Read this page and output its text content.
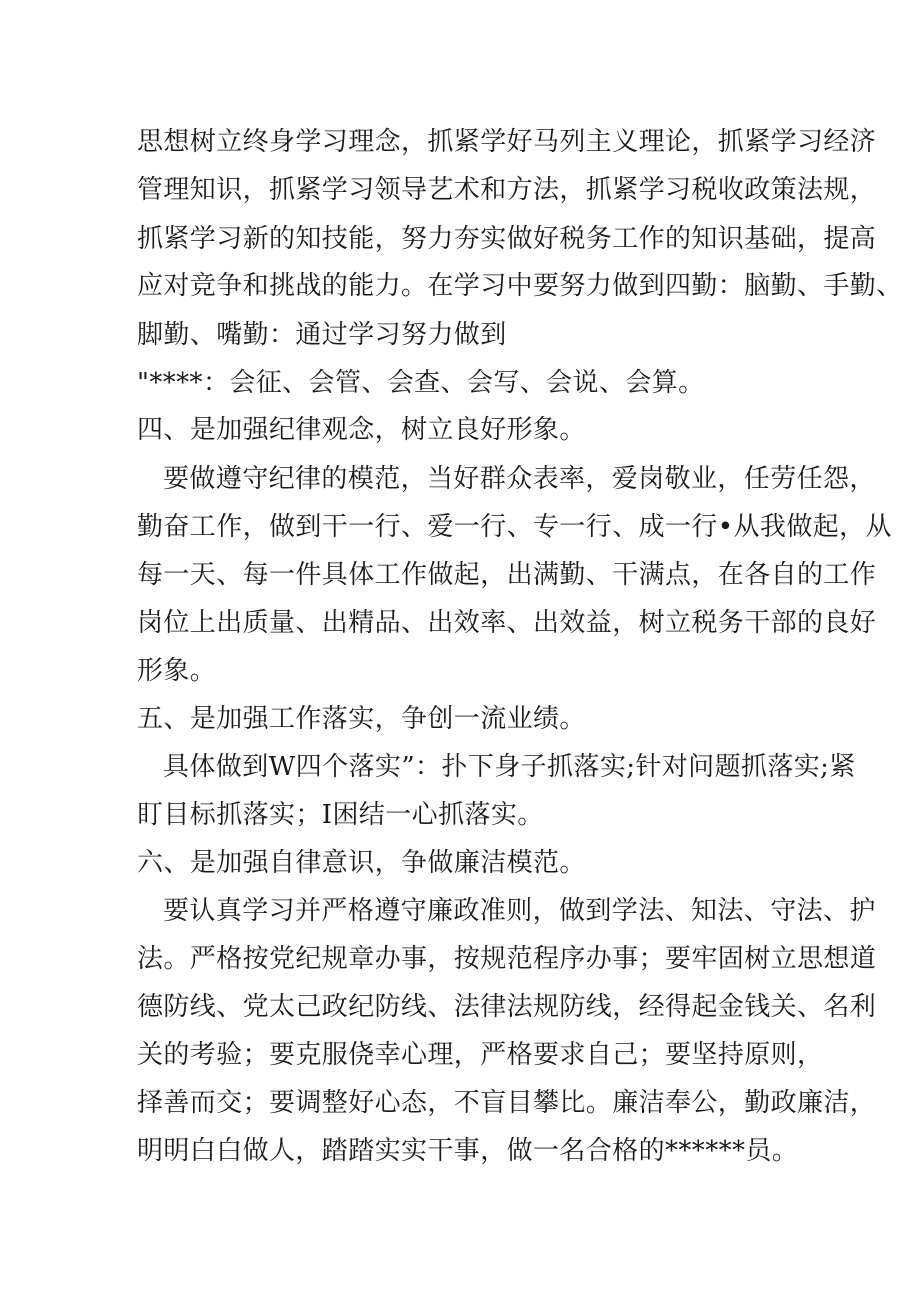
思想树立终身学习理念，抓紧学好马列主义理论，抓紧学习经济
管理知识，抓紧学习领导艺术和方法，抓紧学习税收政策法规，
抓紧学习新的知技能，努力夯实做好税务工作的知识基础，提高
应对竞争和挑战的能力。在学习中要努力做到四勤：脑勤、手勤、
脚勤、嘴勤：通过学习努力做到
"****：会征、会管、会查、会写、会说、会算。
四、是加强纪律观念，树立良好形象。
要做遵守纪律的模范，当好群众表率，爱岗敬业，任劳任怨，
勤奋工作，做到干一行、爱一行、专一行、成一行•从我做起，从
每一天、每一件具体工作做起，出满勤、干满点，在各自的工作
岗位上出质量、出精品、出效率、出效益，树立税务干部的良好
形象。
五、是加强工作落实，争创一流业绩。
具体做到W四个落实”：扑下身子抓落实;针对问题抓落实;紧
盯目标抓落实；I困结一心抓落实。
六、是加强自律意识，争做廉洁模范。
要认真学习并严格遵守廉政准则，做到学法、知法、守法、护
法。严格按党纪规章办事，按规范程序办事；要牢固树立思想道
德防线、党太己政纪防线、法律法规防线，经得起金钱关、名利
关的考验；要克服侥幸心理，严格要求自己；要坚持原则，
择善而交；要调整好心态，不盲目攀比。廉洁奉公，勤政廉洁，
明明白白做人，踏踏实实干事，做一名合格的******员。
